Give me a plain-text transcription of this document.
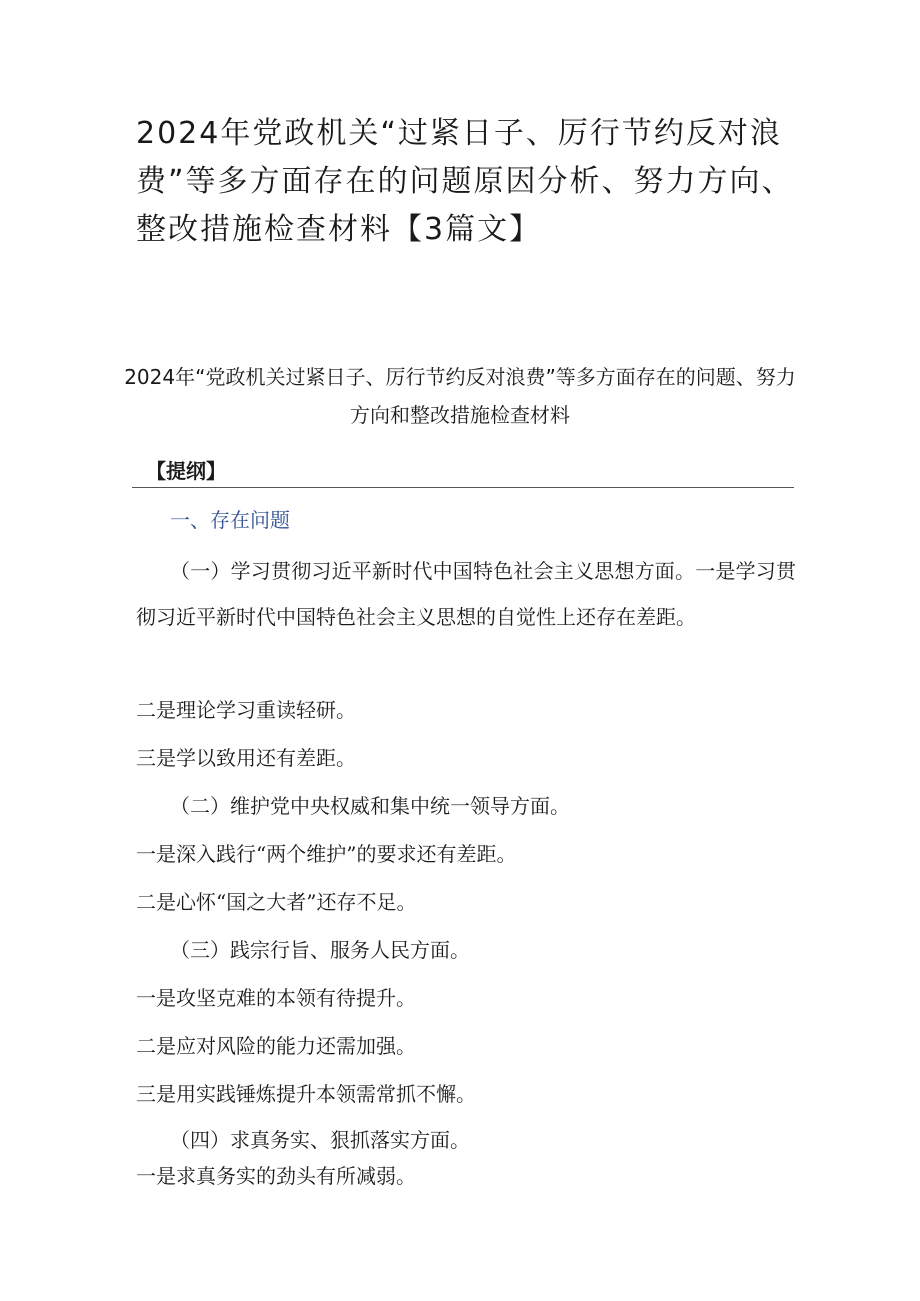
2024年党政机关“过紧日子、厉行节约反对浪费”等多方面存在的问题原因分析、努力方向、整改措施检查材料【3篇文】
2024年“党政机关过紧日子、厉行节约反对浪费”等多方面存在的问题、努力方向和整改措施检查材料
【提纲】
一、存在问题

（一）学习贯彻习近平新时代中国特色社会主义思想方面。一是学习贯彻习近平新时代中国特色社会主义思想的自觉性上还存在差距。

二是理论学习重读轻研。
三是学以致用还有差距。
（二）维护党中央权威和集中统一领导方面。
一是深入践行“两个维护”的要求还有差距。
二是心怀“国之大者”还存不足。
（三）践宗行旨、服务人民方面。
一是攻坚克难的本领有待提升。
二是应对风险的能力还需加强。
三是用实践锤炼提升本领需常抓不懈。
（四）求真务实、狠抓落实方面。
一是求真务实的劲头有所减弱。
